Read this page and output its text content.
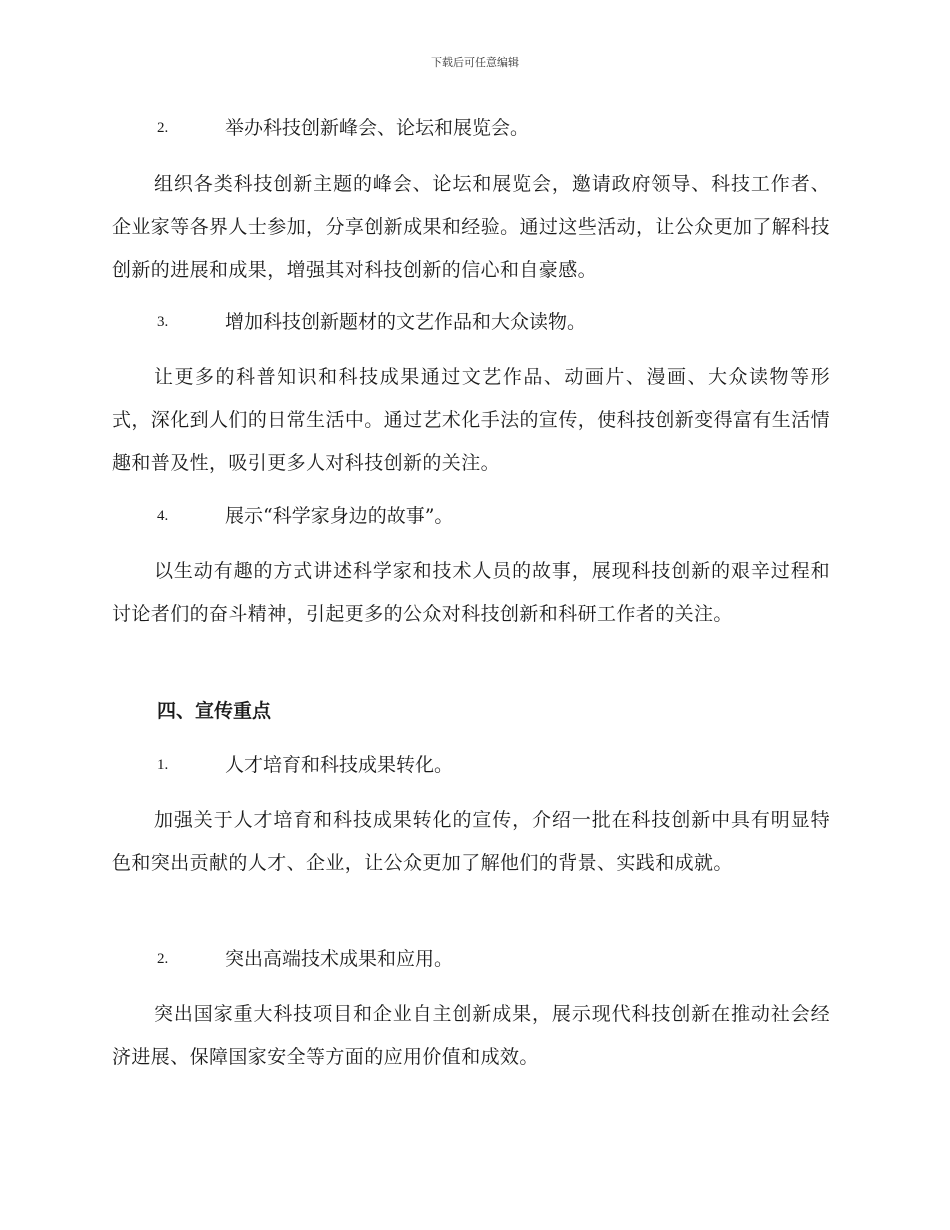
下载后可任意编辑
2.	举办科技创新峰会、论坛和展览会。
组织各类科技创新主题的峰会、论坛和展览会，邀请政府领导、科技工作者、企业家等各界人士参加，分享创新成果和经验。通过这些活动，让公众更加了解科技创新的进展和成果，增强其对科技创新的信心和自豪感。
3.	增加科技创新题材的文艺作品和大众读物。
让更多的科普知识和科技成果通过文艺作品、动画片、漫画、大众读物等形式，深化到人们的日常生活中。通过艺术化手法的宣传，使科技创新变得富有生活情趣和普及性，吸引更多人对科技创新的关注。
4.	展示“科学家身边的故事”。
以生动有趣的方式讲述科学家和技术人员的故事，展现科技创新的艰辛过程和讨论者们的奋斗精神，引起更多的公众对科技创新和科研工作者的关注。
四、宣传重点
1.	人才培育和科技成果转化。
加强关于人才培育和科技成果转化的宣传，介绍一批在科技创新中具有明显特色和突出贡献的人才、企业，让公众更加了解他们的背景、实践和成就。
2.	突出高端技术成果和应用。
突出国家重大科技项目和企业自主创新成果，展示现代科技创新在推动社会经济进展、保障国家安全等方面的应用价值和成效。
